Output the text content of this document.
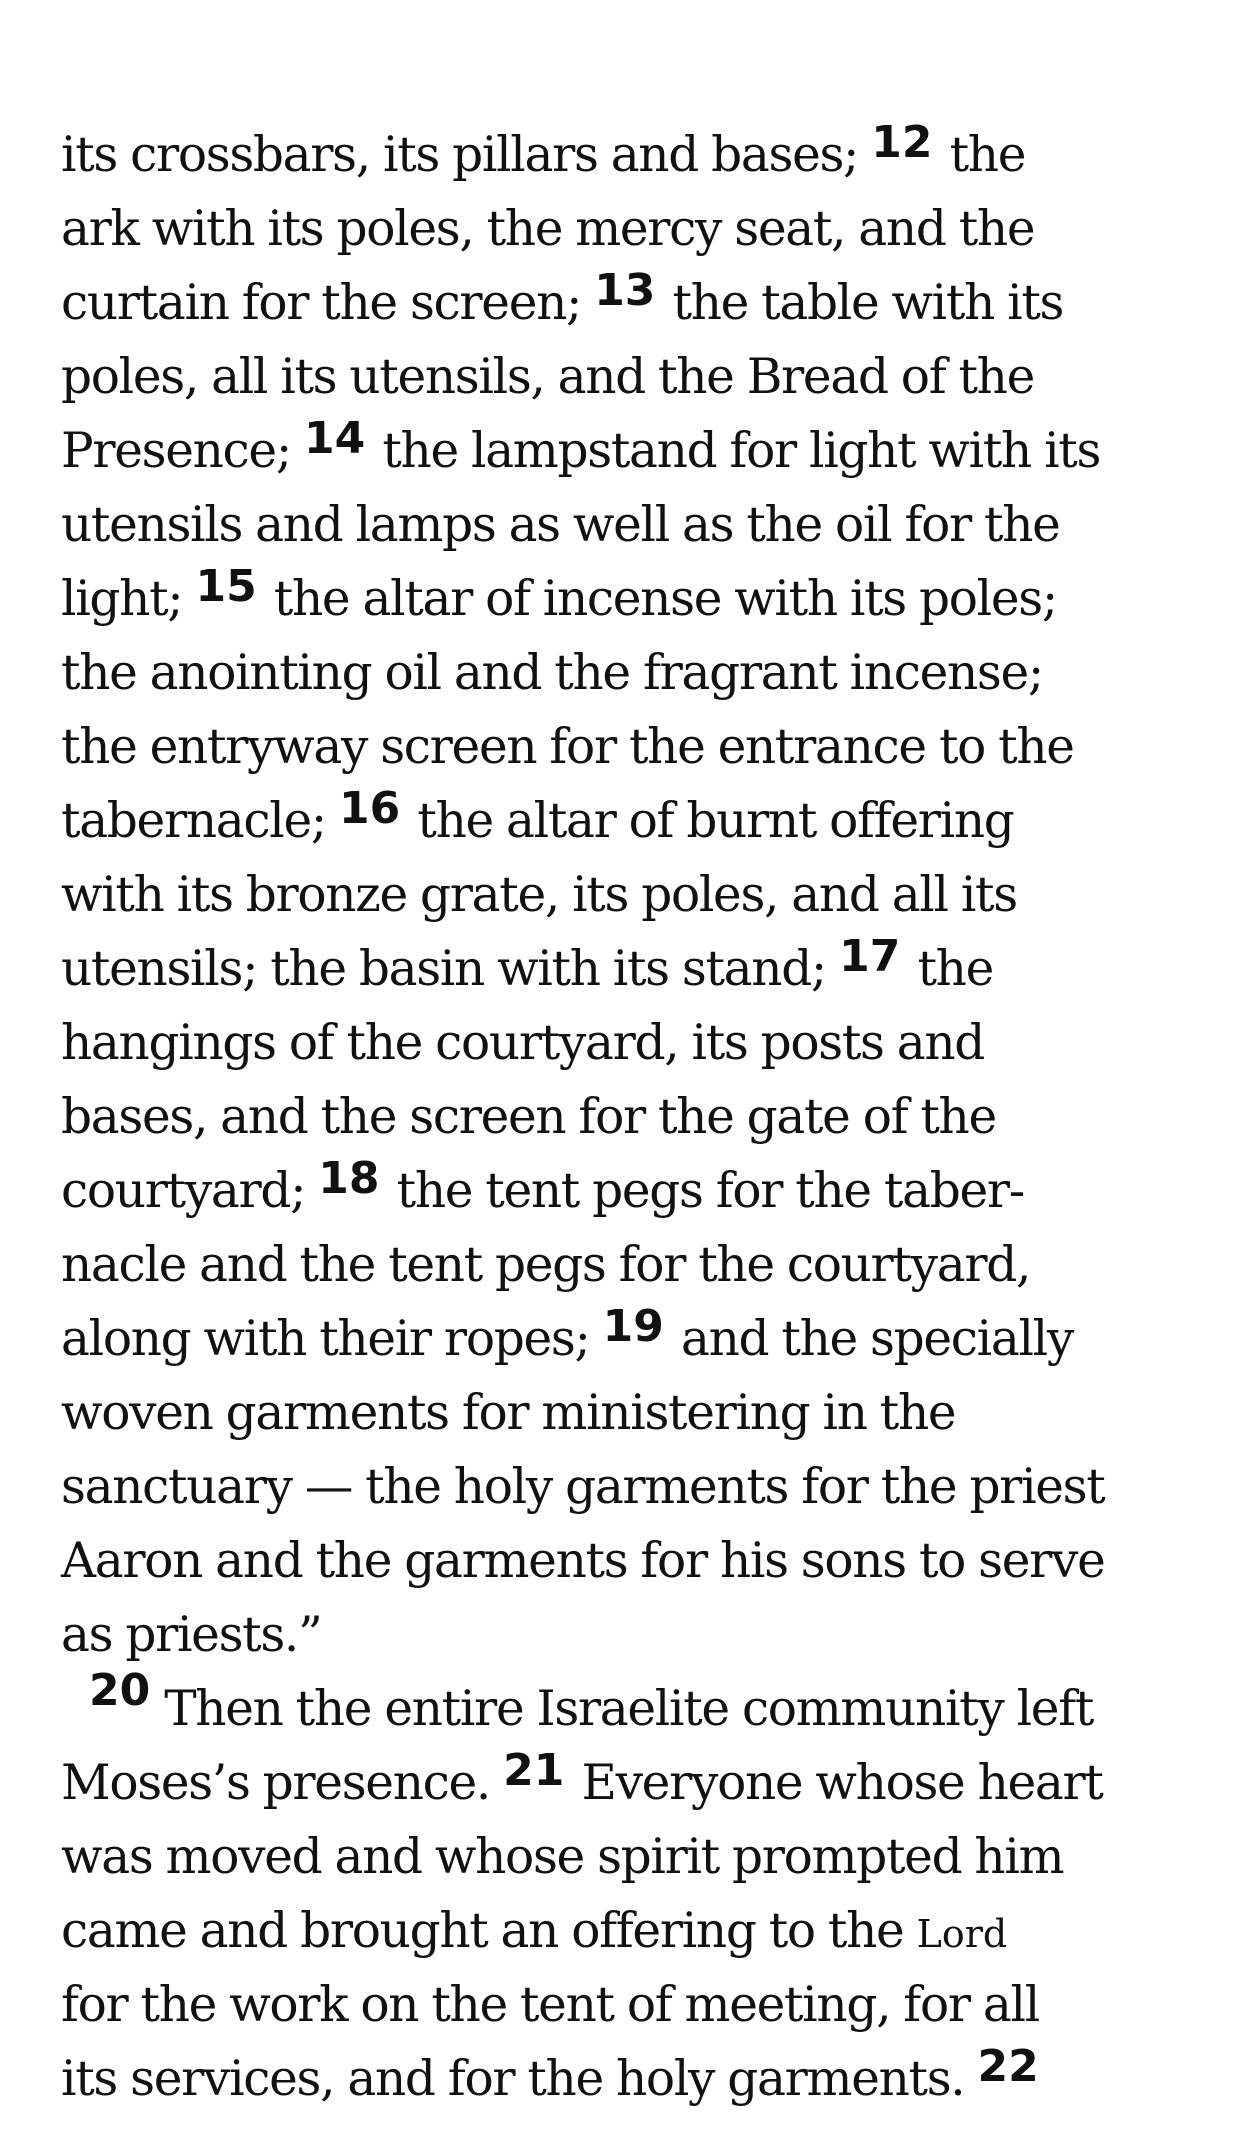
its crossbars, its pillars and bases; 12 the
ark with its poles, the mercy seat, and the
curtain for the screen; 13 the table with its
poles, all its utensils, and the Bread of the
Presence; 14 the lampstand for light with its
utensils and lamps as well as the oil for the
light; 15 the altar of incense with its poles;
the anointing oil and the fragrant incense;
the entryway screen for the entrance to the
tabernacle; 16 the altar of burnt offering
with its bronze grate, its poles, and all its
utensils; the basin with its stand; 17 the
hangings of the courtyard, its posts and
bases, and the screen for the gate of the
courtyard; 18 the tent pegs for the taber-
nacle and the tent pegs for the courtyard,
along with their ropes; 19 and the specially
woven garments for ministering in the
sanctuary — the holy garments for the priest
Aaron and the garments for his sons to serve
as priests.”
20 Then the entire Israelite community left
Moses’s presence. 21 Everyone whose heart
was moved and whose spirit prompted him
came and brought an offering to the Lord
for the work on the tent of meeting, for all
its services, and for the holy garments. 22
